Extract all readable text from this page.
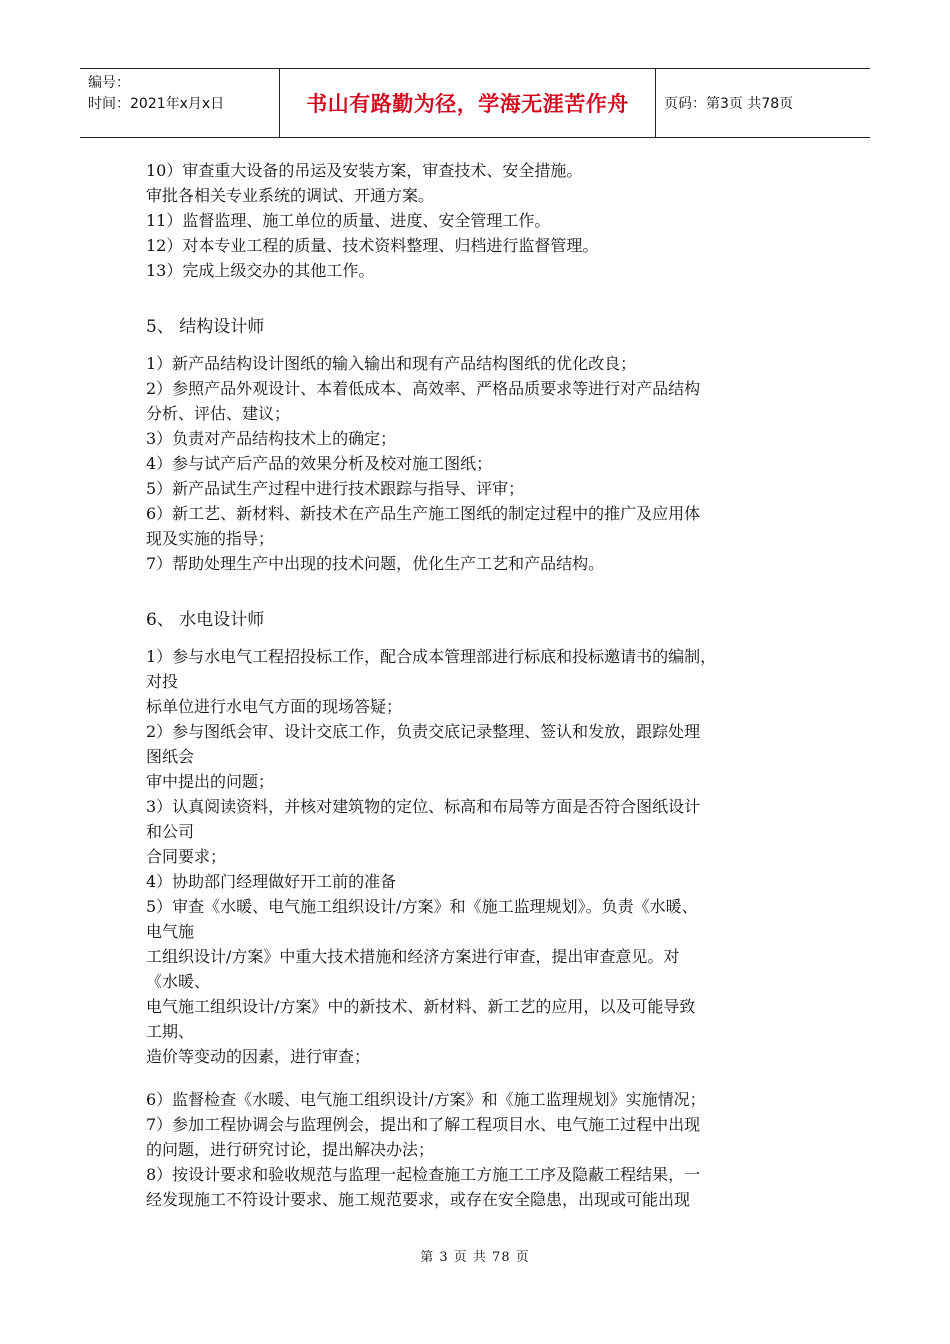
编号：
时间：2021年x月x日	书山有路勤为径，学海无涯苦作舟	页码：第3页 共78页
10）审查重大设备的吊运及安装方案，审查技术、安全措施。
审批各相关专业系统的调试、开通方案。
11）监督监理、施工单位的质量、进度、安全管理工作。
12）对本专业工程的质量、技术资料整理、归档进行监督管理。
13）完成上级交办的其他工作。
5、 结构设计师
1）新产品结构设计图纸的输入输出和现有产品结构图纸的优化改良；
2）参照产品外观设计、本着低成本、高效率、严格品质要求等进行对产品结构
分析、评估、建议；
3）负责对产品结构技术上的确定；
4）参与试产后产品的效果分析及校对施工图纸；
5）新产品试生产过程中进行技术跟踪与指导、评审；
6）新工艺、新材料、新技术在产品生产施工图纸的制定过程中的推广及应用体
现及实施的指导；
7）帮助处理生产中出现的技术问题，优化生产工艺和产品结构。
6、 水电设计师
1）参与水电气工程招投标工作，配合成本管理部进行标底和投标邀请书的编制，
对投
标单位进行水电气方面的现场答疑；
2）参与图纸会审、设计交底工作，负责交底记录整理、签认和发放，跟踪处理
图纸会
审中提出的问题；
3）认真阅读资料，并核对建筑物的定位、标高和布局等方面是否符合图纸设计
和公司
合同要求；
4）协助部门经理做好开工前的准备
5）审查《水暖、电气施工组织设计/方案》和《施工监理规划》。负责《水暖、
电气施
工组织设计/方案》中重大技术措施和经济方案进行审查，提出审查意见。对
《水暖、
电气施工组织设计/方案》中的新技术、新材料、新工艺的应用，以及可能导致
工期、
造价等变动的因素，进行审查；
6）监督检查《水暖、电气施工组织设计/方案》和《施工监理规划》实施情况；
7）参加工程协调会与监理例会，提出和了解工程项目水、电气施工过程中出现
的问题，进行研究讨论，提出解决办法；
8）按设计要求和验收规范与监理一起检查施工方施工工序及隐蔽工程结果，一
经发现施工不符设计要求、施工规范要求，或存在安全隐患，出现或可能出现
第 3 页 共 78 页
